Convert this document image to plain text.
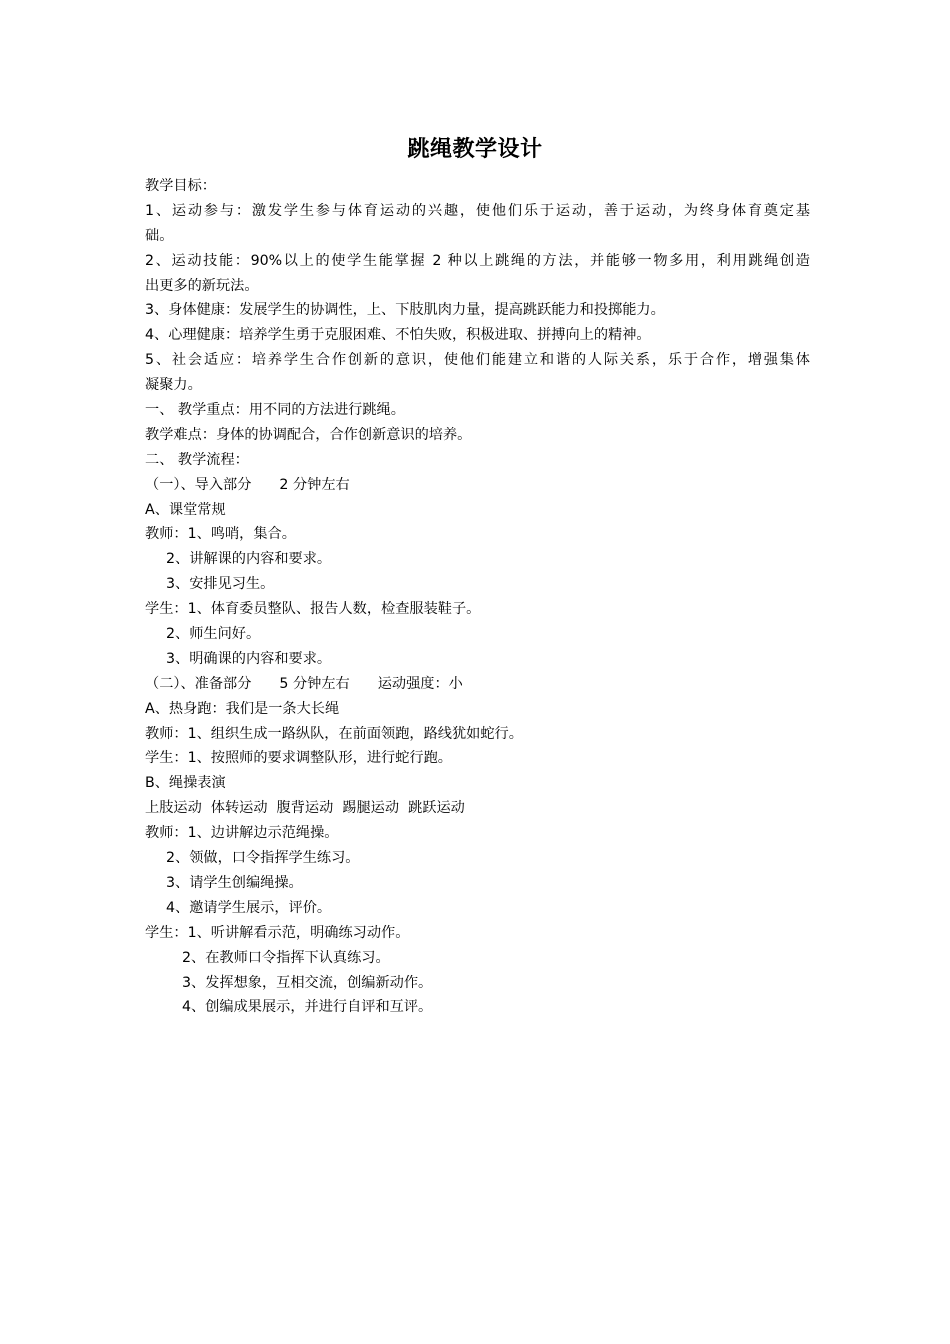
跳绳教学设计
教学目标：
1、运动参与：激发学生参与体育运动的兴趣，使他们乐于运动，善于运动，为终身体育奠定基
础。
2、运动技能：90%以上的使学生能掌握 2 种以上跳绳的方法，并能够一物多用，利用跳绳创造
出更多的新玩法。
3、身体健康：发展学生的协调性，上、下肢肌肉力量，提高跳跃能力和投掷能力。
4、心理健康：培养学生勇于克服困难、不怕失败，积极进取、拼搏向上的精神。
5、社会适应：培养学生合作创新的意识，使他们能建立和谐的人际关系，乐于合作，增强集体
凝聚力。
一、 教学重点：用不同的方法进行跳绳。
教学难点：身体的协调配合，合作创新意识的培养。
二、 教学流程：
（一）、导入部分 2 分钟左右
A、课堂常规
教师：1、鸣哨，集合。
2、讲解课的内容和要求。
3、安排见习生。
学生：1、体育委员整队、报告人数，检查服装鞋子。
2、师生问好。
3、明确课的内容和要求。
（二）、准备部分 5 分钟左右 运动强度：小
A、热身跑：我们是一条大长绳
教师：1、组织生成一路纵队，在前面领跑，路线犹如蛇行。
学生：1、按照师的要求调整队形，进行蛇行跑。
B、绳操表演
上肢运动  体转运动  腹背运动  踢腿运动  跳跃运动
教师：1、边讲解边示范绳操。
2、领做，口令指挥学生练习。
3、请学生创编绳操。
4、邀请学生展示，评价。
学生：1、听讲解看示范，明确练习动作。
2、在教师口令指挥下认真练习。
3、发挥想象，互相交流，创编新动作。
4、创编成果展示，并进行自评和互评。
